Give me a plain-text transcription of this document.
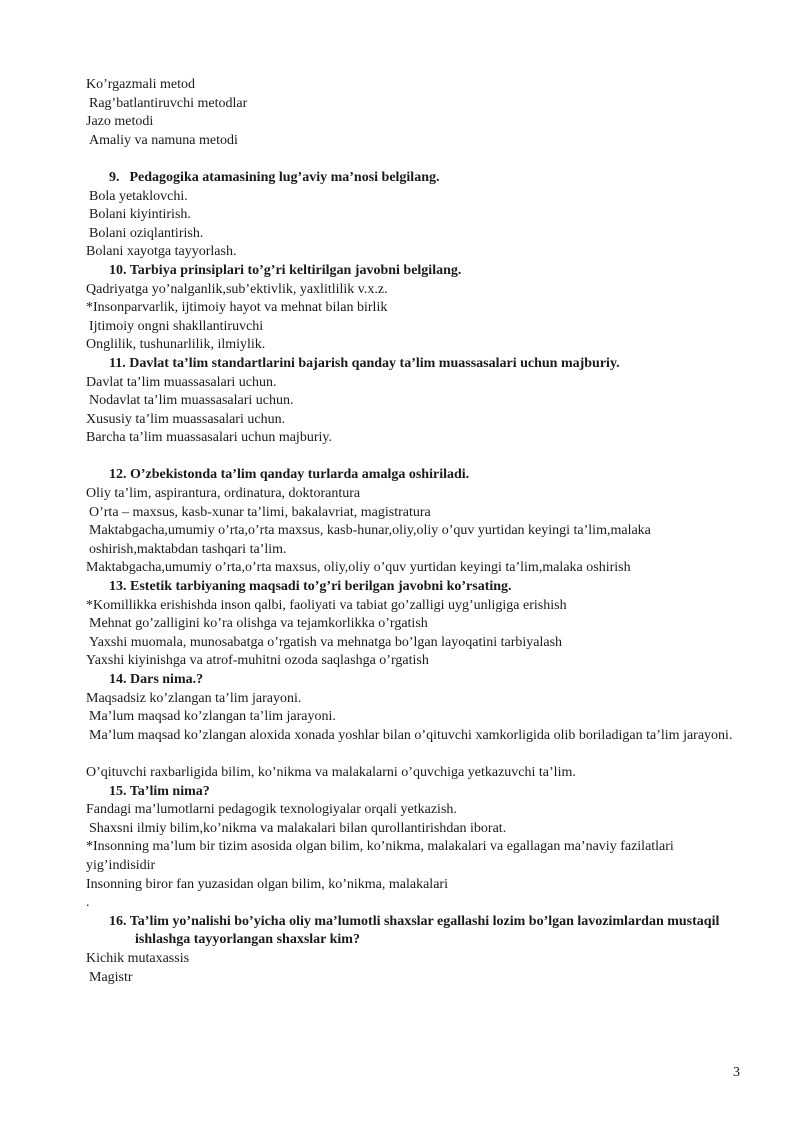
Ko’rgazmali metod
Rag’batlantiruvchi metodlar
Jazo metodi
Amaliy va namuna metodi
9. Pedagogika atamasining lug’aviy ma’nosi belgilang.
Bola yetaklovchi.
Bolani kiyintirish.
Bolani oziqlantirish.
Bolani xayotga tayyorlash.
10. Tarbiya prinsiplari to’g’ri keltirilgan javobni belgilang.
Qadriyatga yo’nalganlik,sub’ektivlik, yaxlitlilik v.x.z.
*Insonparvarlik, ijtimoiy hayot va mehnat bilan birlik
Ijtimoiy ongni shakllantiruvchi
Onglilik, tushunarlilik, ilmiylik.
11. Davlat ta’lim standartlarini bajarish qanday ta’lim muassasalari uchun majburiy.
Davlat ta’lim muassasalari uchun.
Nodavlat ta’lim muassasalari uchun.
Xususiy ta’lim muassasalari uchun.
Barcha ta’lim muassasalari uchun majburiy.
12. O’zbekistonda ta’lim qanday turlarda amalga oshiriladi.
Oliy ta’lim, aspirantura, ordinatura, doktorantura
O’rta – maxsus, kasb-xunar ta’limi, bakalavriat, magistratura
Maktabgacha,umumiy o’rta,o’rta maxsus, kasb-hunar,oliy,oliy o’quv yurtidan keyingi ta’lim,malaka oshirish,maktabdan tashqari ta’lim.
Maktabgacha,umumiy o’rta,o’rta maxsus, oliy,oliy o’quv yurtidan keyingi ta’lim,malaka oshirish
13. Estetik tarbiyaning maqsadi to’g’ri berilgan javobni ko’rsating.
*Komillikka erishishda inson qalbi, faoliyati va tabiat go’zalligi uyg’unligiga erishish
Mehnat go’zalligini ko’ra olishga va tejamkorlikka o’rgatish
Yaxshi muomala, munosabatga o’rgatish va mehnatga bo’lgan layoqatini tarbiyalash
Yaxshi kiyinishga va atrof-muhitni ozoda saqlashga o’rgatish
14. Dars nima.?
Maqsadsiz ko’zlangan ta’lim jarayoni.
Ma’lum maqsad ko’zlangan ta’lim jarayoni.
Ma’lum maqsad ko’zlangan aloxida xonada yoshlar bilan o’qituvchi xamkorligida olib boriladigan ta’lim jarayoni.
O’qituvchi raxbarligida bilim, ko’nikma va malakalarni o’quvchiga yetkazuvchi ta’lim.
15. Ta’lim nima?
Fandagi ma’lumotlarni pedagogik texnologiyalar orqali yetkazish.
Shaxsni ilmiy bilim,ko’nikma va malakalari bilan qurollantirishdan iborat.
*Insonning ma’lum bir tizim asosida olgan bilim, ko’nikma, malakalari va egallagan ma’naviy fazilatlari yig’indisidir
Insonning biror fan yuzasidan olgan bilim, ko’nikma, malakalari
.
16. Ta’lim yo’nalishi bo’yicha oliy ma’lumotli shaxslar egallashi lozim bo’lgan lavozimlardan mustaqil ishlashga tayyorlangan shaxslar kim?
Kichik mutaxassis
Magistr
3
